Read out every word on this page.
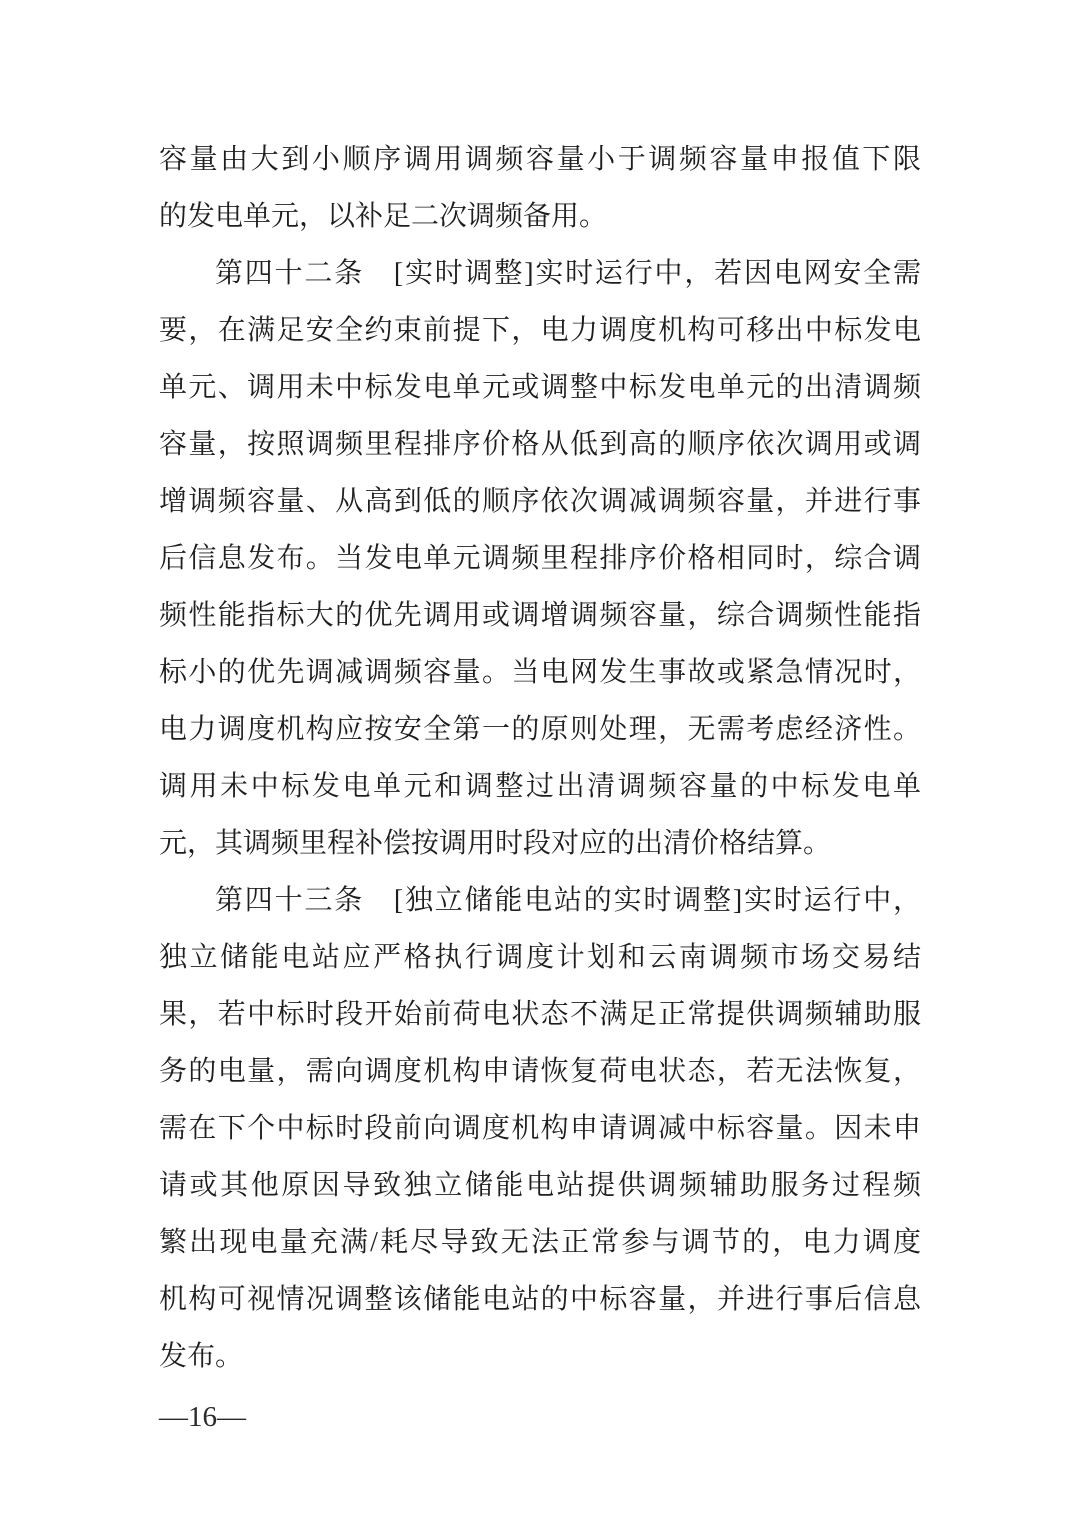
容量由大到小顺序调用调频容量小于调频容量申报值下限

的发电单元，以补足二次调频备用。

第四十二条　[实时调整]实时运行中，若因电网安全需

要，在满足安全约束前提下，电力调度机构可移出中标发电

单元、调用未中标发电单元或调整中标发电单元的出清调频

容量，按照调频里程排序价格从低到高的顺序依次调用或调

增调频容量、从高到低的顺序依次调减调频容量，并进行事

后信息发布。当发电单元调频里程排序价格相同时，综合调

频性能指标大的优先调用或调增调频容量，综合调频性能指

标小的优先调减调频容量。当电网发生事故或紧急情况时，

电力调度机构应按安全第一的原则处理，无需考虑经济性。

调用未中标发电单元和调整过出清调频容量的中标发电单

元，其调频里程补偿按调用时段对应的出清价格结算。

第四十三条　[独立储能电站的实时调整]实时运行中，

独立储能电站应严格执行调度计划和云南调频市场交易结

果，若中标时段开始前荷电状态不满足正常提供调频辅助服

务的电量，需向调度机构申请恢复荷电状态，若无法恢复，

需在下个中标时段前向调度机构申请调减中标容量。因未申

请或其他原因导致独立储能电站提供调频辅助服务过程频

繁出现电量充满/耗尽导致无法正常参与调节的，电力调度

机构可视情况调整该储能电站的中标容量，并进行事后信息

发布。

—16—
